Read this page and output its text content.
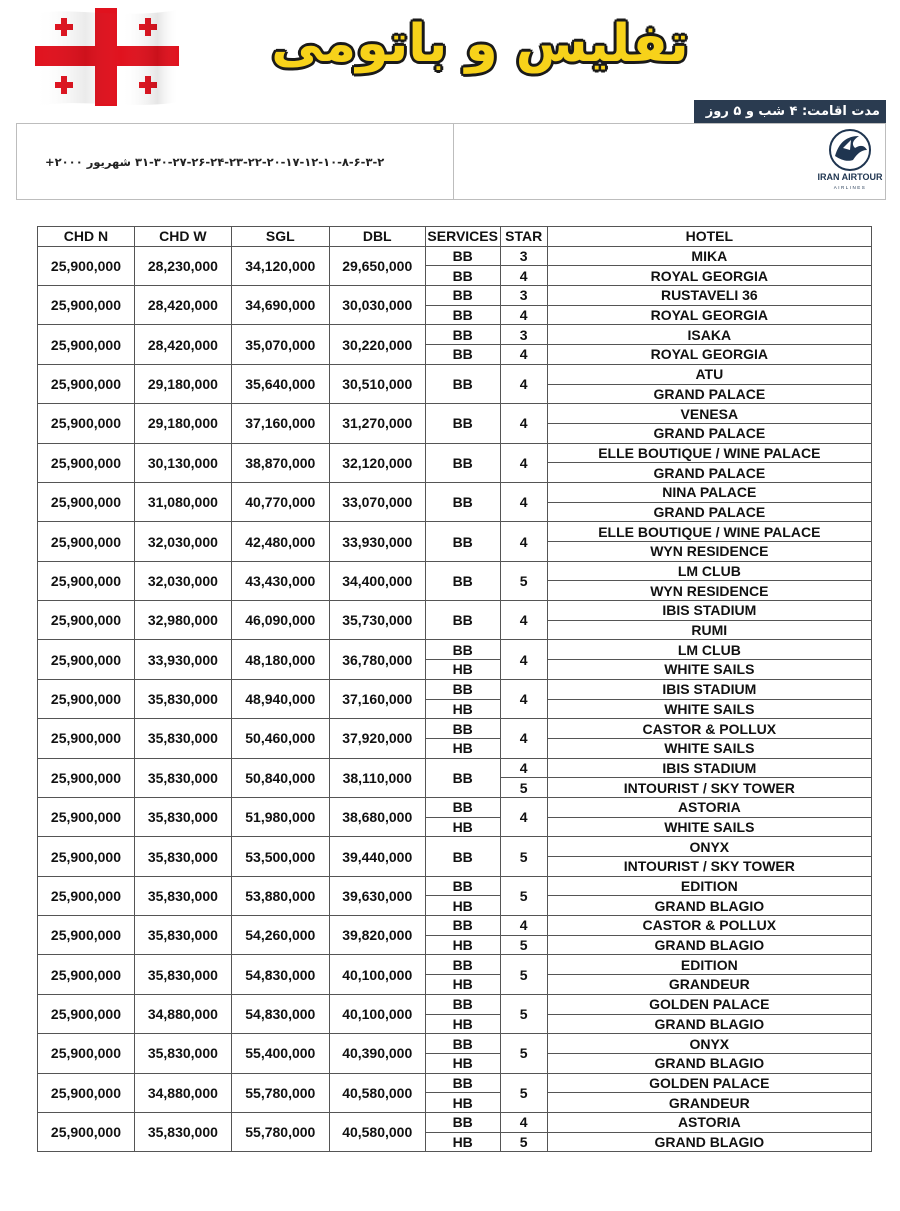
تفلیس و باتومی
مدت اقامت: ۴ شب و ۵ روز
۳۱-۳۰-۲۷-۲۶-۲۴-۲۳-۲۲-۲۰-۱۷-۱۲-۱۰-۸-۶-۳-۲ شهریور ۲۰۰۰+
IRAN AIRTOUR
AIRLINES
CHD N	CHD W	SGL	DBL	SERVICES	STAR	HOTEL
25,900,000	28,230,000	34,120,000	29,650,000	BB	3	MIKA
				BB	4	ROYAL GEORGIA
25,900,000	28,420,000	34,690,000	30,030,000	BB	3	RUSTAVELI 36
				BB	4	ROYAL GEORGIA
25,900,000	28,420,000	35,070,000	30,220,000	BB	3	ISAKA
				BB	4	ROYAL GEORGIA
25,900,000	29,180,000	35,640,000	30,510,000	BB	4	ATU
						GRAND PALACE
25,900,000	29,180,000	37,160,000	31,270,000	BB	4	VENESA
						GRAND PALACE
25,900,000	30,130,000	38,870,000	32,120,000	BB	4	ELLE BOUTIQUE / WINE PALACE
						GRAND PALACE
25,900,000	31,080,000	40,770,000	33,070,000	BB	4	NINA PALACE
						GRAND PALACE
25,900,000	32,030,000	42,480,000	33,930,000	BB	4	ELLE BOUTIQUE / WINE PALACE
						WYN RESIDENCE
25,900,000	32,030,000	43,430,000	34,400,000	BB	5	LM CLUB
						WYN RESIDENCE
25,900,000	32,980,000	46,090,000	35,730,000	BB	4	IBIS STADIUM
						RUMI
25,900,000	33,930,000	48,180,000	36,780,000	BB	4	LM CLUB
				HB		WHITE SAILS
25,900,000	35,830,000	48,940,000	37,160,000	BB	4	IBIS STADIUM
				HB		WHITE SAILS
25,900,000	35,830,000	50,460,000	37,920,000	BB	4	CASTOR & POLLUX
				HB		WHITE SAILS
25,900,000	35,830,000	50,840,000	38,110,000	BB	4	IBIS STADIUM
					5	INTOURIST / SKY TOWER
25,900,000	35,830,000	51,980,000	38,680,000	BB	4	ASTORIA
				HB		WHITE SAILS
25,900,000	35,830,000	53,500,000	39,440,000	BB	5	ONYX
						INTOURIST / SKY TOWER
25,900,000	35,830,000	53,880,000	39,630,000	BB	5	EDITION
				HB		GRAND BLAGIO
25,900,000	35,830,000	54,260,000	39,820,000	BB	4	CASTOR & POLLUX
				HB	5	GRAND BLAGIO
25,900,000	35,830,000	54,830,000	40,100,000	BB	5	EDITION
				HB		GRANDEUR
25,900,000	34,880,000	54,830,000	40,100,000	BB	5	GOLDEN PALACE
				HB		GRAND BLAGIO
25,900,000	35,830,000	55,400,000	40,390,000	BB	5	ONYX
				HB		GRAND BLAGIO
25,900,000	34,880,000	55,780,000	40,580,000	BB	5	GOLDEN PALACE
				HB		GRANDEUR
25,900,000	35,830,000	55,780,000	40,580,000	BB	4	ASTORIA
				HB	5	GRAND BLAGIO
